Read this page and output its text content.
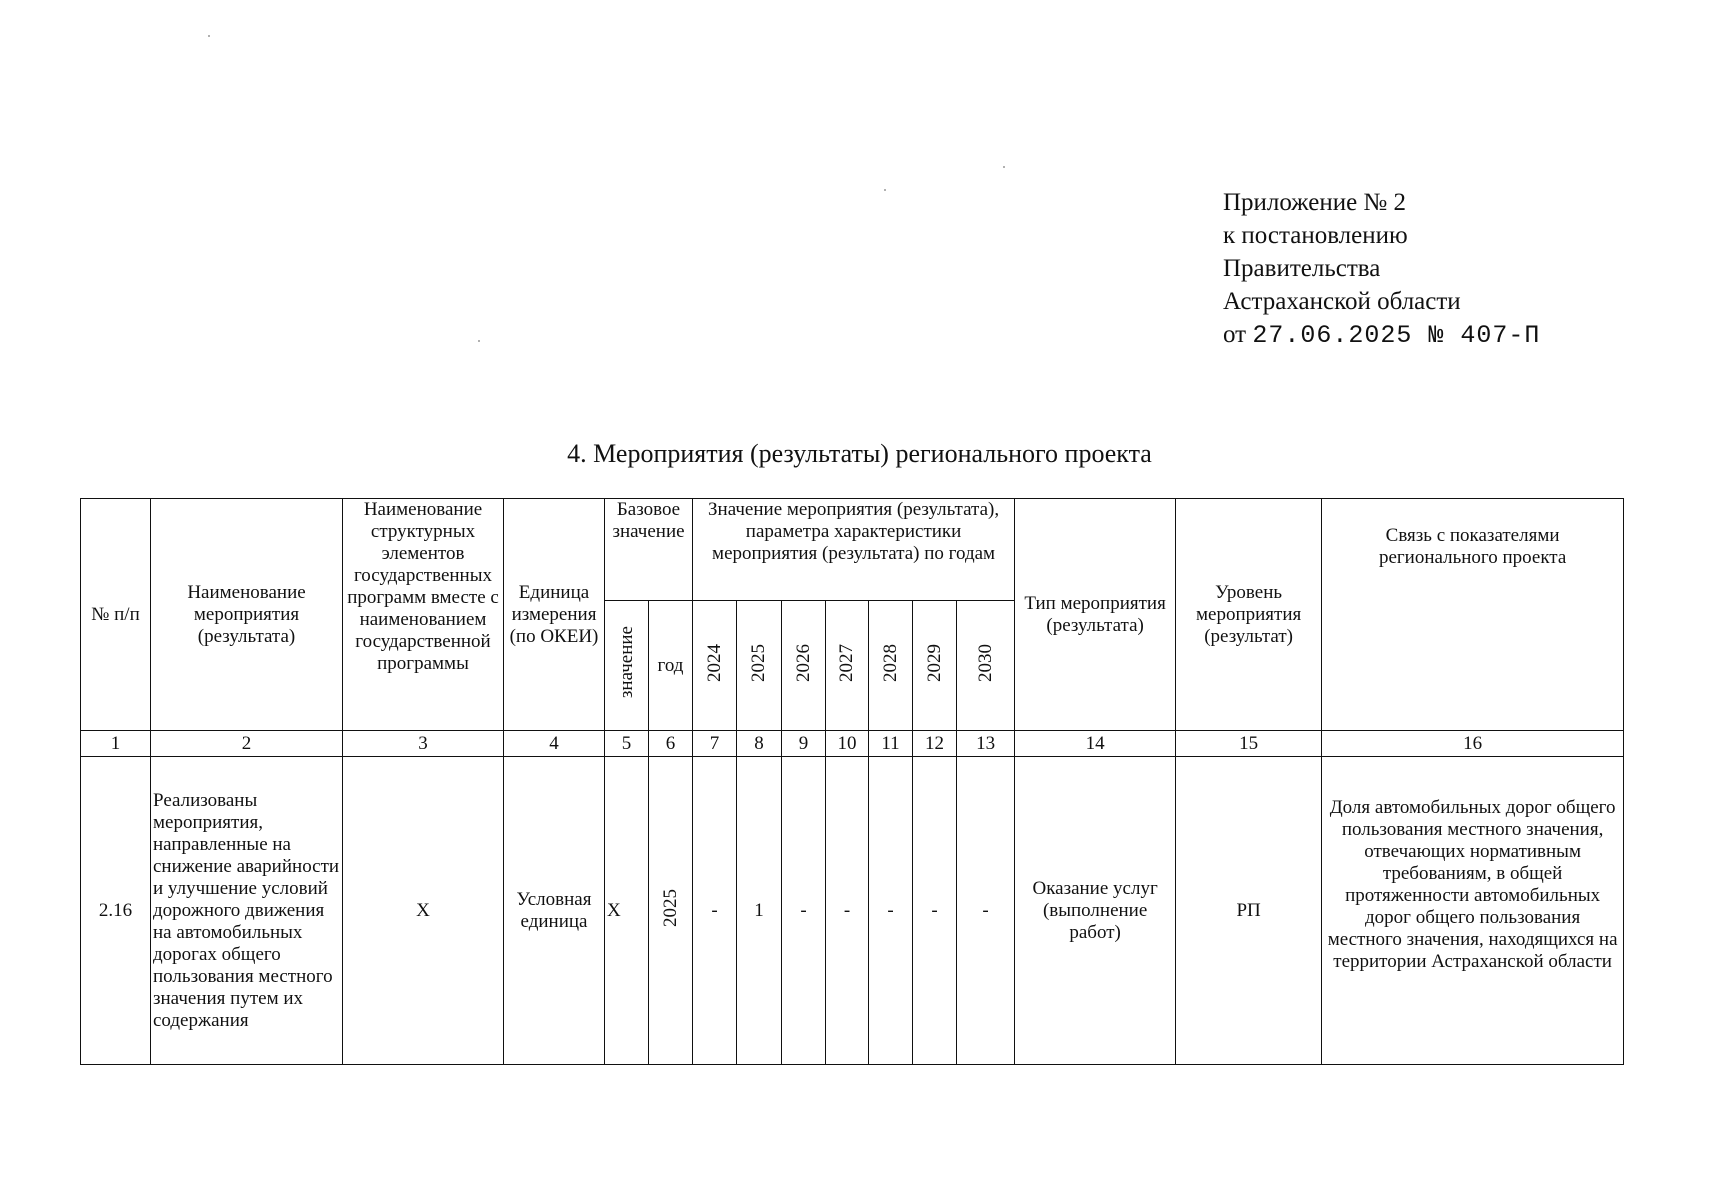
Приложение № 2
к постановлению
Правительства
Астраханской области
от 27.06.2025 № 407-П
4. Мероприятия (результаты) регионального проекта
№ п/п	Наименование мероприятия (результата)	Наименование структурных элементов государственных программ вместе с наименованием государственной программы	Единица измерения (по ОКЕИ)	Базовое значение		Значение мероприятия (результата), параметра характеристики мероприятия (результата) по годам							Тип мероприятия (результата)	Уровень мероприятия (результат)	Связь с показателями регионального проекта
				значение	год	2024	2025	2026	2027	2028	2029	2030			
1	2	3	4	5	6	7	8	9	10	11	12	13	14	15	16
2.16	Реализованы мероприятия, направленные на снижение аварийности и улучшение условий дорожного движения на автомобильных дорогах общего пользования местного значения путем их содержания	Х	Условная единица	Х	2025	-	1	-	-	-	-	-	Оказание услуг (выполнение работ)	РП	Доля автомобильных дорог общего пользования местного значения, отвечающих нормативным требованиям, в общей протяженности автомобильных дорог общего пользования местного значения, находящихся на территории Астраханской области
